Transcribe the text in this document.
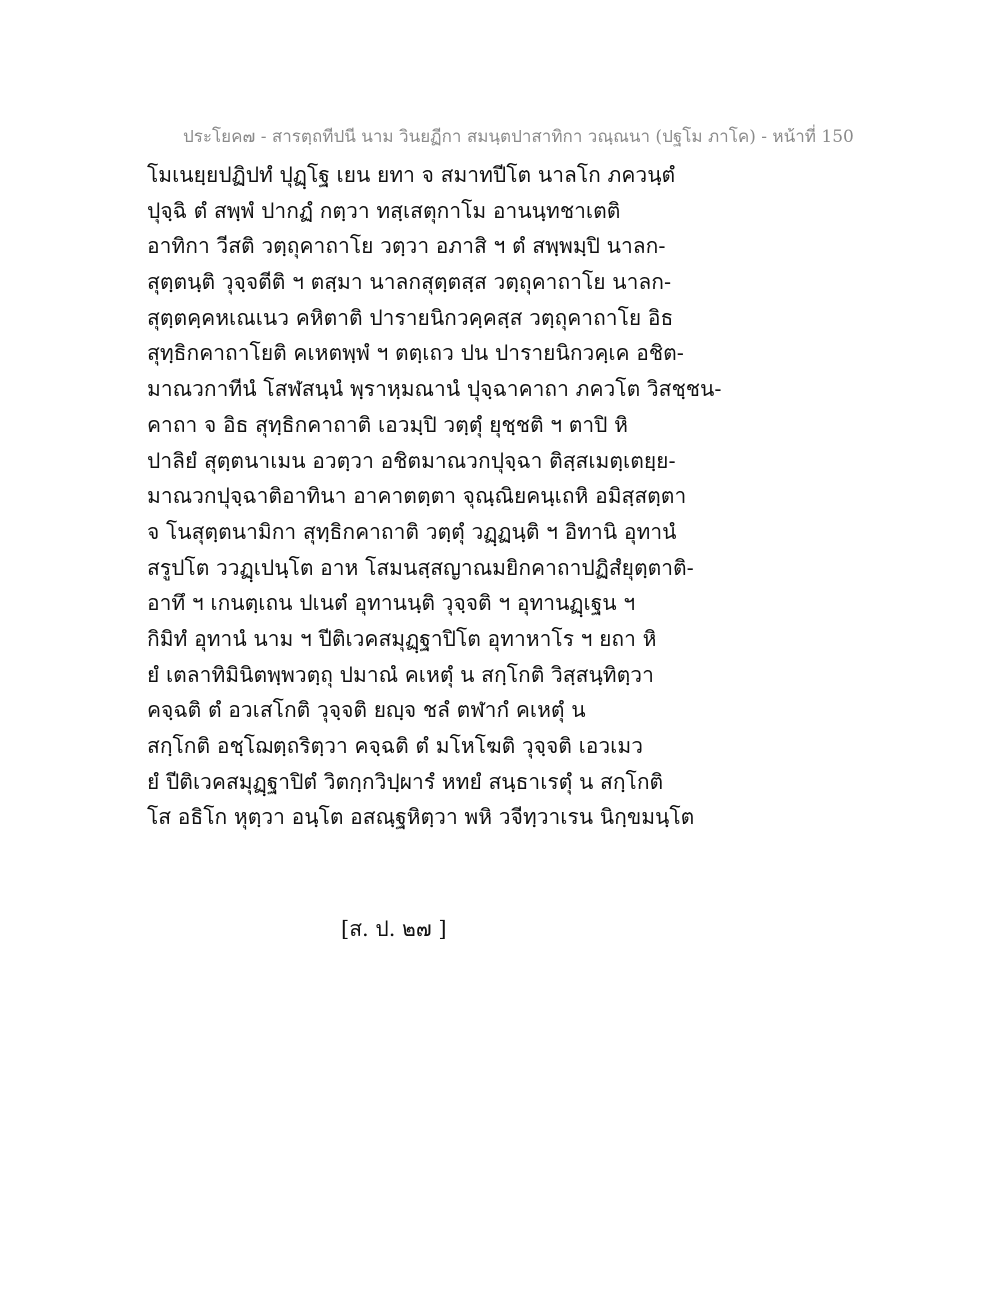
ประโยค๗ - สารตฺถทีปนี นาม วินยฏีกา สมนฺตปาสาทิกา วณฺณนา (ปฐโม ภาโค) - หน้าที่ 150
โมเนยฺยปฏิปทํ ปุฏฺโฐ เยน ยทา จ สมาทปีโต นาลโก ภควนฺตํ
ปุจฺฉิ ตํ สพฺพํ ปากฏํ กตฺวา ทสฺเสตุกาโม อานนฺทชาเตติ
อาทิกา วีสติ วตฺถุคาถาโย วตฺวา อภาสิ ฯ ตํ สพฺพมฺปิ นาลก-
สุตฺตนฺติ วุจฺจตีติ ฯ ตสฺมา นาลกสุตฺตสฺส วตฺถุคาถาโย นาลก-
สุตฺตคฺคหเณเนว คหิตาติ ปารายนิกวคฺคสฺส วตฺถุคาถาโย อิธ
สุทฺธิกคาถาโยติ คเหตพฺพํ ฯ ตตฺเถว ปน ปารายนิกวคฺเค อชิต-
มาณวกาทีนํ โสฬสนฺนํ พฺราหฺมณานํ ปุจฺฉาคาถา ภควโต วิสชฺชน-
คาถา จ อิธ สุทฺธิกคาถาติ เอวมฺปิ วตฺตุํ ยุชฺชติ ฯ ตาปิ หิ
ปาลิยํ สุตฺตนาเมน อวตฺวา อชิตมาณวกปุจฺฉา ติสฺสเมตฺเตยฺย-
มาณวกปุจฺฉาติอาทินา อาคาตตฺตา จุณฺณิยคนฺเถหิ อมิสฺสตฺตา
จ โนสุตฺตนามิกา สุทฺธิกคาถาติ วตฺตุํ วฏฺฏนฺติ ฯ อิทานิ อุทานํ
สรูปโต ววฏฺเปนฺโต อาห โสมนสฺสญาณมยิกคาถาปฏิสํยุตฺตาติ-
อาทึ ฯ เกนตฺเถน ปเนตํ อุทานนฺติ วุจฺจติ ฯ อุทานฏฺเฐน ฯ
กิมิทํ อุทานํ นาม ฯ ปีติเวคสมุฏฺฐาปิโต อุทาหาโร ฯ ยถา หิ
ยํ เตลาทิมินิตพฺพวตฺถุ ปมาณํ คเหตุํ น สกฺโกติ วิสฺสนฺทิตฺวา
คจฺฉติ ตํ อวเสโกติ วุจฺจติ ยญฺจ ชลํ ตฬากํ คเหตุํ น
สกฺโกติ อชฺโฌตฺถริตฺวา คจฺฉติ ตํ มโหโฆติ วุจฺจติ เอวเมว
ยํ ปีติเวคสมุฏฺฐาปิตํ วิตกฺกวิปฺผารํ หทยํ สนฺธาเรตุํ น สกฺโกติ
โส อธิโก หุตฺวา อนฺโต อสณฺฐหิตฺวา พหิ วจีทฺวาเรน นิกฺขมนฺโต
[ส. ป. ๒๗ ]
